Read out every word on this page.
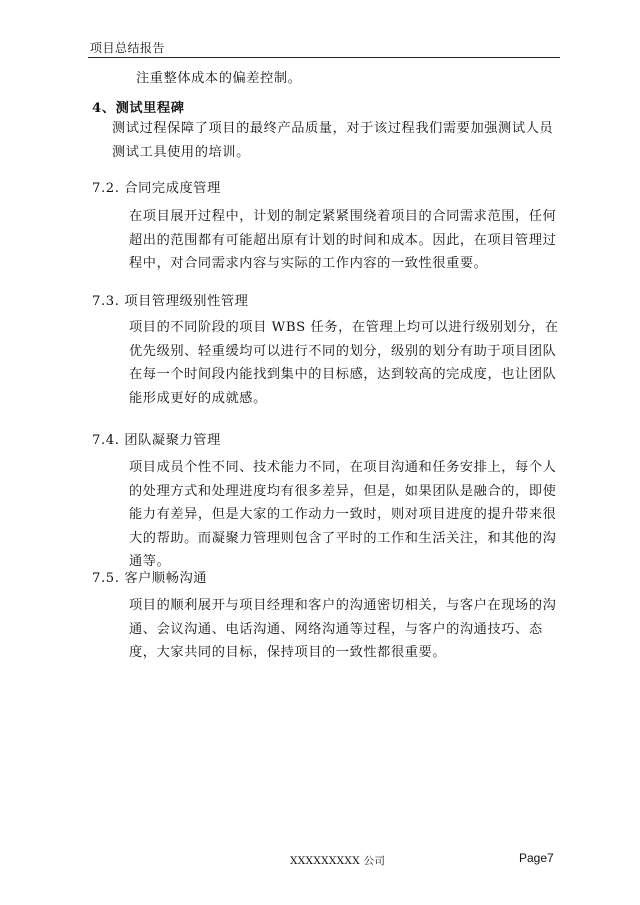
项目总结报告
注重整体成本的偏差控制。
4、测试里程碑
测试过程保障了项目的最终产品质量，对于该过程我们需要加强测试人员测试工具使用的培训。
7.2. 合同完成度管理
在项目展开过程中，计划的制定紧紧围绕着项目的合同需求范围，任何超出的范围都有可能超出原有计划的时间和成本。因此，在项目管理过程中，对合同需求内容与实际的工作内容的一致性很重要。
7.3. 项目管理级别性管理
项目的不同阶段的项目 WBS 任务，在管理上均可以进行级别划分，在优先级别、轻重缓均可以进行不同的划分，级别的划分有助于项目团队在每一个时间段内能找到集中的目标感，达到较高的完成度，也让团队能形成更好的成就感。
7.4. 团队凝聚力管理
项目成员个性不同、技术能力不同，在项目沟通和任务安排上，每个人的处理方式和处理进度均有很多差异，但是，如果团队是融合的，即使能力有差异，但是大家的工作动力一致时，则对项目进度的提升带来很大的帮助。而凝聚力管理则包含了平时的工作和生活关注，和其他的沟通等。
7.5. 客户顺畅沟通
项目的顺利展开与项目经理和客户的沟通密切相关，与客户在现场的沟通、会议沟通、电话沟通、网络沟通等过程，与客户的沟通技巧、态度，大家共同的目标，保持项目的一致性都很重要。
XXXXXXXXX 公司	Page7
